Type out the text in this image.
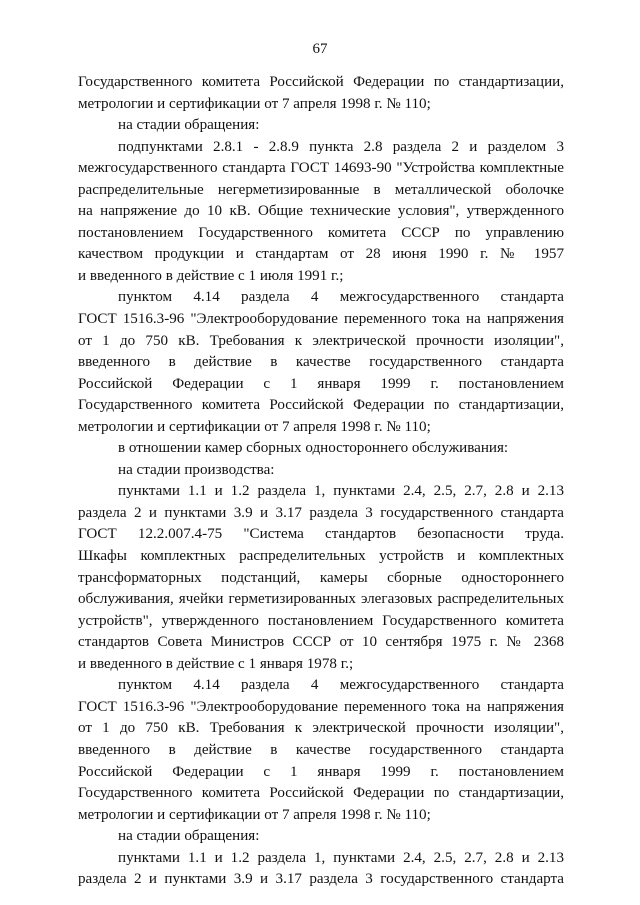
67
Государственного комитета Российской Федерации по стандартизации,
метрологии и сертификации от 7 апреля 1998 г. № 110;
на стадии обращения:
подпунктами 2.8.1 - 2.8.9 пункта 2.8 раздела 2 и разделом 3
межгосударственного стандарта ГОСТ 14693-90 "Устройства комплектные
распределительные негерметизированные в металлической оболочке
на напряжение до 10 кВ. Общие технические условия", утвержденного
постановлением Государственного комитета СССР по управлению
качеством продукции и стандартам от 28 июня 1990 г. № 1957
и введенного в действие с 1 июля 1991 г.;
пунктом 4.14 раздела 4 межгосударственного стандарта
ГОСТ 1516.3-96 "Электрооборудование переменного тока на напряжения
от 1 до 750 кВ. Требования к электрической прочности изоляции",
введенного в действие в качестве государственного стандарта
Российской Федерации с 1 января 1999 г. постановлением
Государственного комитета Российской Федерации по стандартизации,
метрологии и сертификации от 7 апреля 1998 г. № 110;
в отношении камер сборных одностороннего обслуживания:
на стадии производства:
пунктами 1.1 и 1.2 раздела 1, пунктами 2.4, 2.5, 2.7, 2.8 и 2.13
раздела 2 и пунктами 3.9 и 3.17 раздела 3 государственного стандарта
ГОСТ 12.2.007.4-75 "Система стандартов безопасности труда.
Шкафы комплектных распределительных устройств и комплектных
трансформаторных подстанций, камеры сборные одностороннего
обслуживания, ячейки герметизированных элегазовых распределительных
устройств", утвержденного постановлением Государственного комитета
стандартов Совета Министров СССР от 10 сентября 1975 г. № 2368
и введенного в действие с 1 января 1978 г.;
пунктом 4.14 раздела 4 межгосударственного стандарта
ГОСТ 1516.3-96 "Электрооборудование переменного тока на напряжения
от 1 до 750 кВ. Требования к электрической прочности изоляции",
введенного в действие в качестве государственного стандарта
Российской Федерации с 1 января 1999 г. постановлением
Государственного комитета Российской Федерации по стандартизации,
метрологии и сертификации от 7 апреля 1998 г. № 110;
на стадии обращения:
пунктами 1.1 и 1.2 раздела 1, пунктами 2.4, 2.5, 2.7, 2.8 и 2.13
раздела 2 и пунктами 3.9 и 3.17 раздела 3 государственного стандарта
